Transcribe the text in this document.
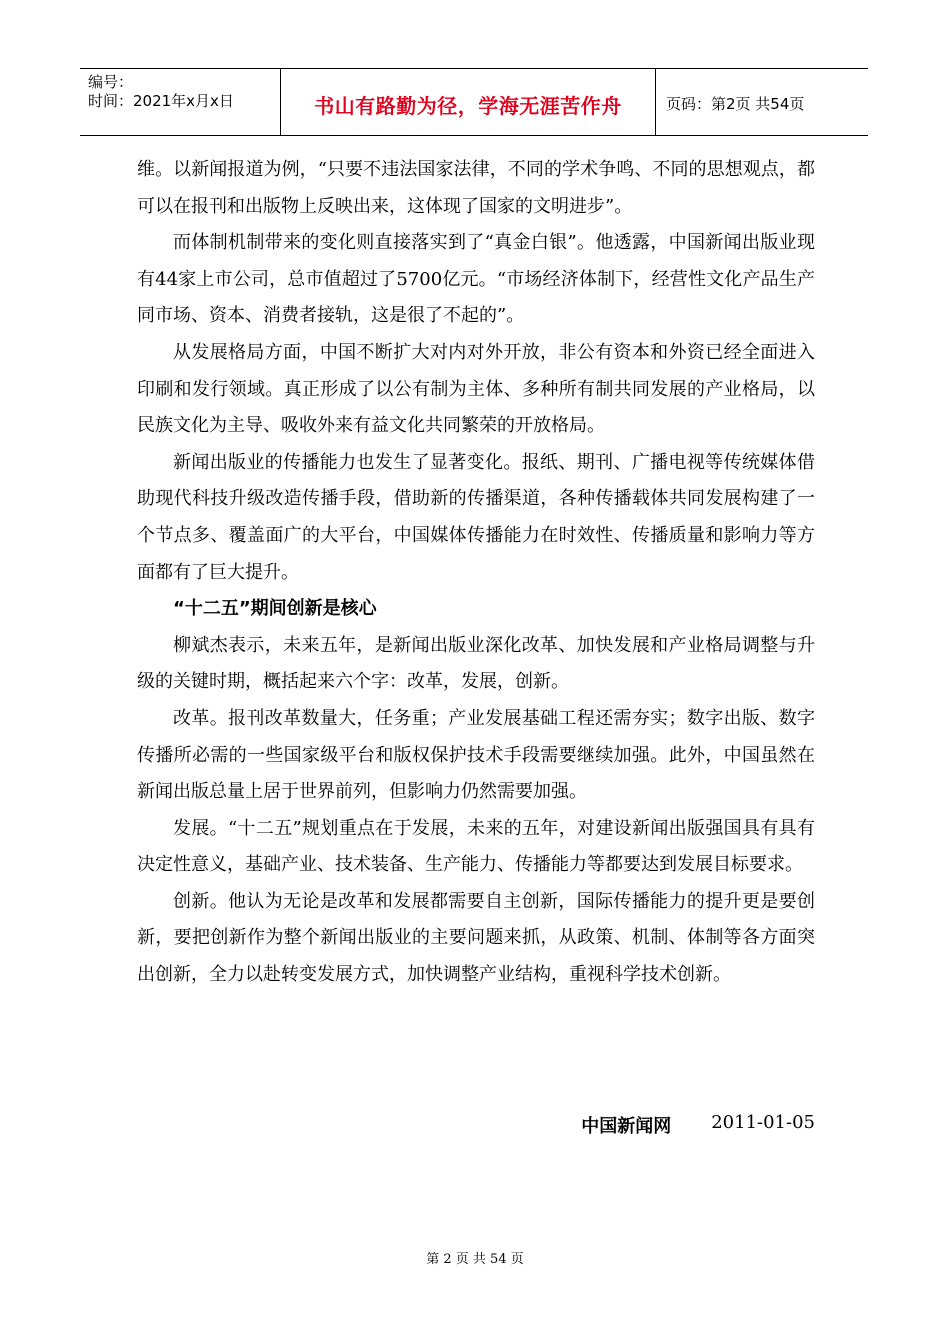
编号：
时间：2021年x月x日	书山有路勤为径，学海无涯苦作舟	页码：第2页 共54页

维。以新闻报道为例，“只要不违法国家法律，不同的学术争鸣、不同的思想观点，都可以在报刊和出版物上反映出来，这体现了国家的文明进步”。

而体制机制带来的变化则直接落实到了“真金白银”。他透露，中国新闻出版业现有44家上市公司，总市值超过了5700亿元。“市场经济体制下，经营性文化产品生产同市场、资本、消费者接轨，这是很了不起的”。

从发展格局方面，中国不断扩大对内对外开放，非公有资本和外资已经全面进入印刷和发行领域。真正形成了以公有制为主体、多种所有制共同发展的产业格局，以民族文化为主导、吸收外来有益文化共同繁荣的开放格局。

新闻出版业的传播能力也发生了显著变化。报纸、期刊、广播电视等传统媒体借助现代科技升级改造传播手段，借助新的传播渠道，各种传播载体共同发展构建了一个节点多、覆盖面广的大平台，中国媒体传播能力在时效性、传播质量和影响力等方面都有了巨大提升。

“十二五”期间创新是核心

柳斌杰表示，未来五年，是新闻出版业深化改革、加快发展和产业格局调整与升级的关键时期，概括起来六个字：改革，发展，创新。

改革。报刊改革数量大，任务重；产业发展基础工程还需夯实；数字出版、数字传播所必需的一些国家级平台和版权保护技术手段需要继续加强。此外，中国虽然在新闻出版总量上居于世界前列，但影响力仍然需要加强。

发展。“十二五”规划重点在于发展，未来的五年，对建设新闻出版强国具有具有决定性意义，基础产业、技术装备、生产能力、传播能力等都要达到发展目标要求。

创新。他认为无论是改革和发展都需要自主创新，国际传播能力的提升更是要创新，要把创新作为整个新闻出版业的主要问题来抓，从政策、机制、体制等各方面突出创新，全力以赴转变发展方式，加快调整产业结构，重视科学技术创新。

中国新闻网 2011-01-05
第 2 页 共 54 页
